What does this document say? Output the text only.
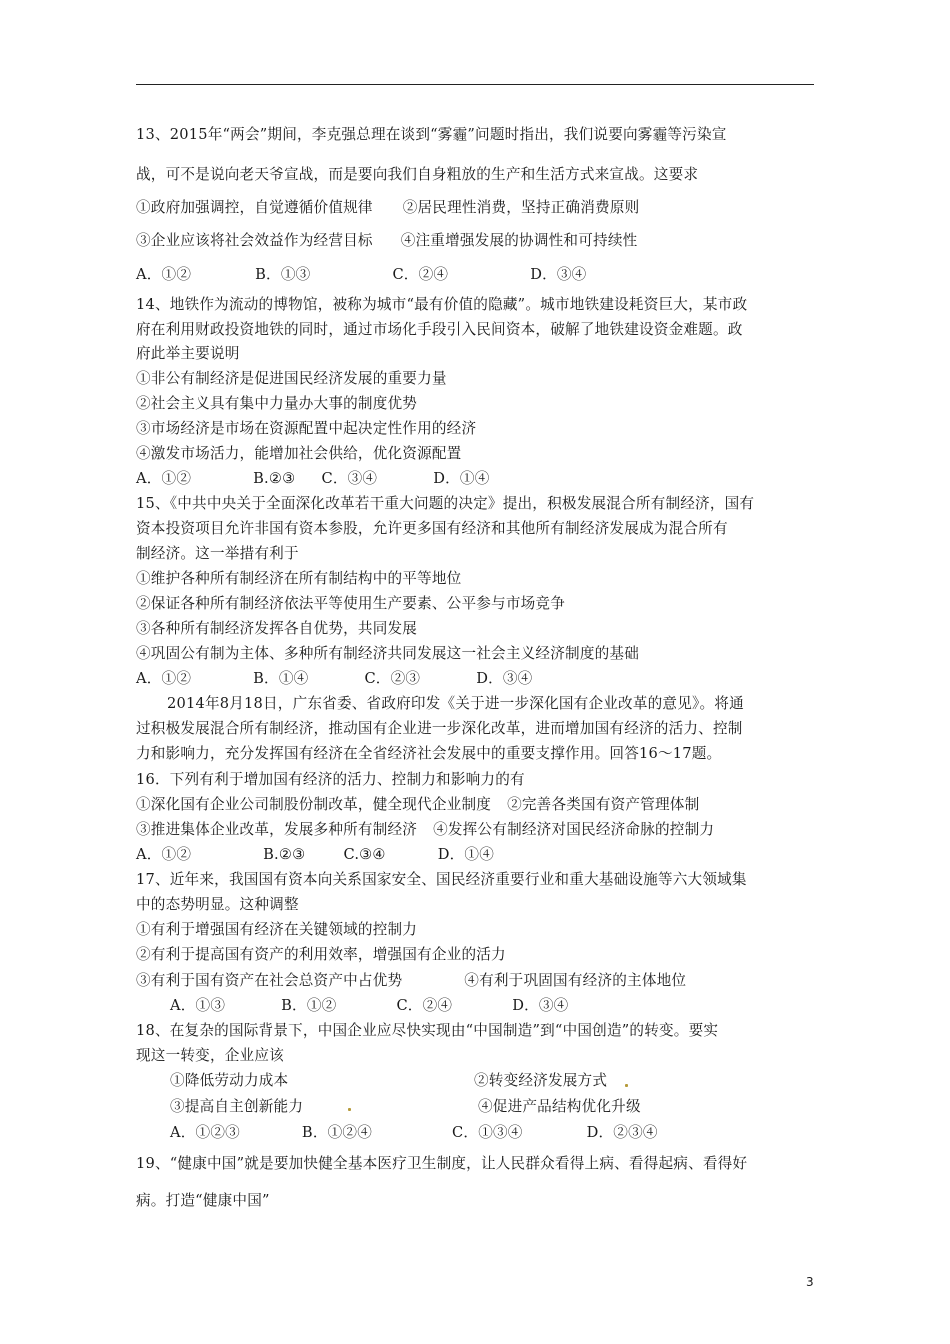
13、2015年“两会”期间，李克强总理在谈到“雾霾”问题时指出，我们说要向雾霾等污染宣
战，可不是说向老天爷宣战，而是要向我们自身粗放的生产和生活方式来宣战。这要求
①政府加强调控，自觉遵循价值规律 ②居民理性消费，坚持正确消费原则
③企业应该将社会效益作为经营目标 ④注重增强发展的协调性和可持续性
A．①②	B．①③	C．②④	D．③④
14、地铁作为流动的博物馆，被称为城市“最有价值的隐藏”。城市地铁建设耗资巨大，某市政
府在利用财政投资地铁的同时，通过市场化手段引入民间资本，破解了地铁建设资金难题。政
府此举主要说明
①非公有制经济是促进国民经济发展的重要力量
②社会主义具有集中力量办大事的制度优势
③市场经济是市场在资源配置中起决定性作用的经济
④激发市场活力，能增加社会供给，优化资源配置
A．①②	B.②③ C．③④	D．①④
15、《中共中央关于全面深化改革若干重大问题的决定》提出，积极发展混合所有制经济，国有
资本投资项目允许非国有资本参股，允许更多国有经济和其他所有制经济发展成为混合所有
制经济。这一举措有利于
①维护各种所有制经济在所有制结构中的平等地位
②保证各种所有制经济依法平等使用生产要素、公平参与市场竞争
③各种所有制经济发挥各自优势，共同发展
④巩固公有制为主体、多种所有制经济共同发展这一社会主义经济制度的基础
A．①②	B．①④	C．②③	D．③④
2014年8月18日，广东省委、省政府印发《关于进一步深化国有企业改革的意见》。将通
过积极发展混合所有制经济，推动国有企业进一步深化改革，进而增加国有经济的活力、控制
力和影响力，充分发挥国有经济在全省经济社会发展中的重要支撑作用。回答16～17题。
16．下列有利于增加国有经济的活力、控制力和影响力的有
①深化国有企业公司制股份制改革，健全现代企业制度 ②完善各类国有资产管理体制
③推进集体企业改革，发展多种所有制经济 ④发挥公有制经济对国民经济命脉的控制力
A．①②	B.②③	C.③④	D．①④
17、近年来，我国国有资本向关系国家安全、国民经济重要行业和重大基础设施等六大领域集
中的态势明显。这种调整
①有利于增强国有经济在关键领域的控制力
②有利于提高国有资产的利用效率，增强国有企业的活力
③有利于国有资产在社会总资产中占优势	④有利于巩固国有经济的主体地位
A．①③	B．①②	C．②④	D．③④
18、在复杂的国际背景下，中国企业应尽快实现由“中国制造”到“中国创造”的转变。要实
现这一转变，企业应该
①降低劳动力成本	②转变经济发展方式
③提高自主创新能力	④促进产品结构优化升级
A．①②③	B．①②④	C．①③④	D．②③④
19、“健康中国”就是要加快健全基本医疗卫生制度，让人民群众看得上病、看得起病、看得好
病。打造“健康中国”
3
